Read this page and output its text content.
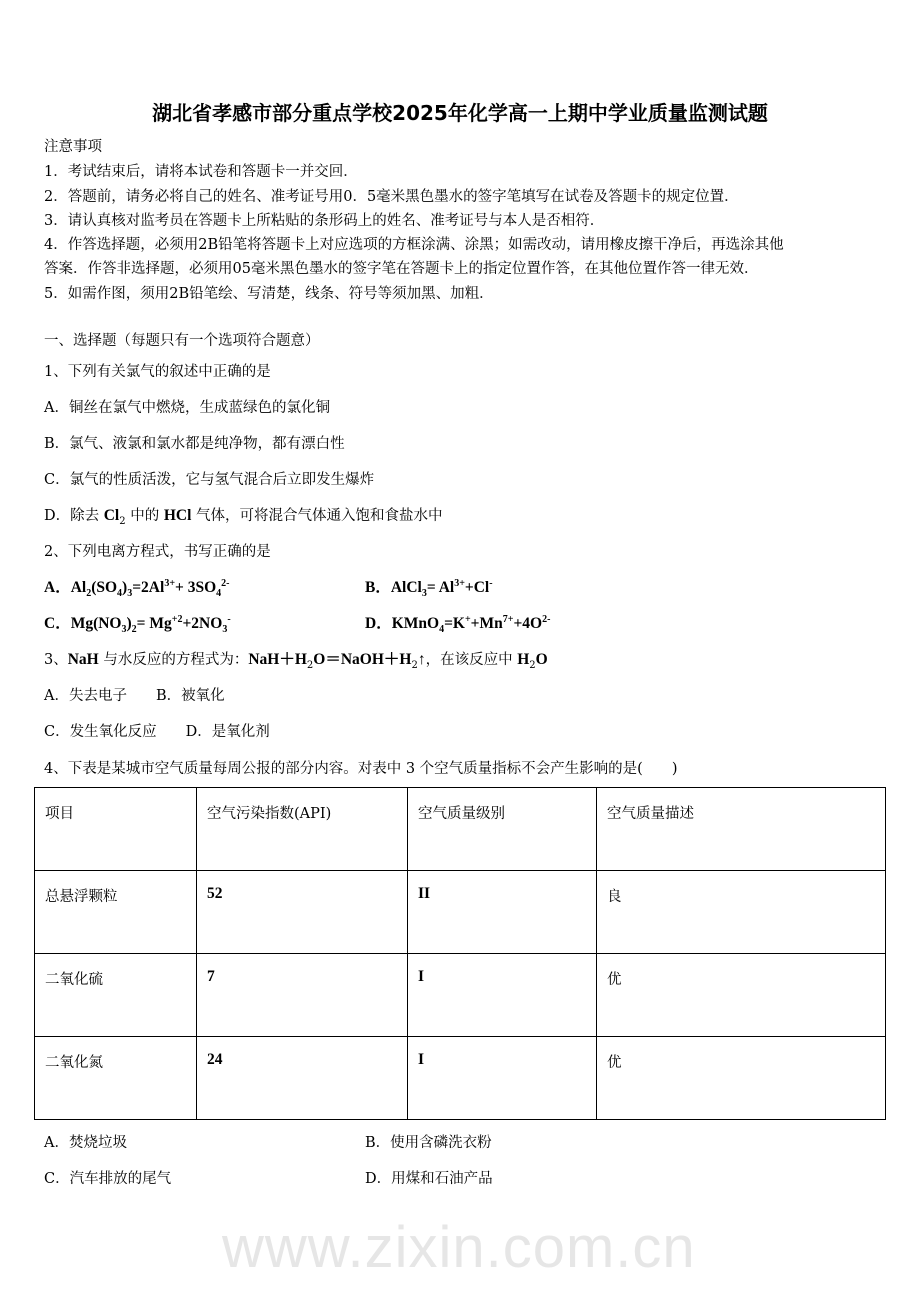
www.zixin.com.cn
湖北省孝感市部分重点学校2025年化学高一上期中学业质量监测试题
注意事项
1．考试结束后，请将本试卷和答题卡一并交回．
2．答题前，请务必将自己的姓名、准考证号用0．5毫米黑色墨水的签字笔填写在试卷及答题卡的规定位置．
3．请认真核对监考员在答题卡上所粘贴的条形码上的姓名、准考证号与本人是否相符．
4．作答选择题，必须用2B铅笔将答题卡上对应选项的方框涂满、涂黑；如需改动，请用橡皮擦干净后，再选涂其他
答案．作答非选择题，必须用05毫米黑色墨水的签字笔在答题卡上的指定位置作答，在其他位置作答一律无效．
5．如需作图，须用2B铅笔绘、写清楚，线条、符号等须加黑、加粗．
一、选择题（每题只有一个选项符合题意）
1、下列有关氯气的叙述中正确的是
A．铜丝在氯气中燃烧，生成蓝绿色的氯化铜
B．氯气、液氯和氯水都是纯净物，都有漂白性
C．氯气的性质活泼，它与氢气混合后立即发生爆炸
D．除去 $Cl_2$ 中的 HCl 气体，可将混合气体通入饱和食盐水中
2、下列电离方程式，书写正确的是
A．$Al_2(SO_4)_3=2Al^{3+}+ 3SO_4^{2-}$	B．AlCl$_3$= $Al^{3+}+Cl^-$
C．$Mg(NO_3)_2= Mg^{+2}+2NO_3^-$	D．$KMnO_4=K^++Mn^{7+}+4O^{2-}$
3、NaH 与水反应的方程式为：$NaH+H_2O=NaOH+H_2↑$，在该反应中 $H_2O$
A．失去电子　　B．被氧化
C．发生氧化反应　　D．是氧化剂
4、下表是某城市空气质量每周公报的部分内容。对表中 3 个空气质量指标不会产生影响的是(　　)
项目	空气污染指数(API)	空气质量级别	空气质量描述
总悬浮颗粒	52	II	良
二氧化硫	7	I	优
二氧化氮	24	I	优
A．焚烧垃圾	B．使用含磷洗衣粉
C．汽车排放的尾气	D．用煤和石油产品
